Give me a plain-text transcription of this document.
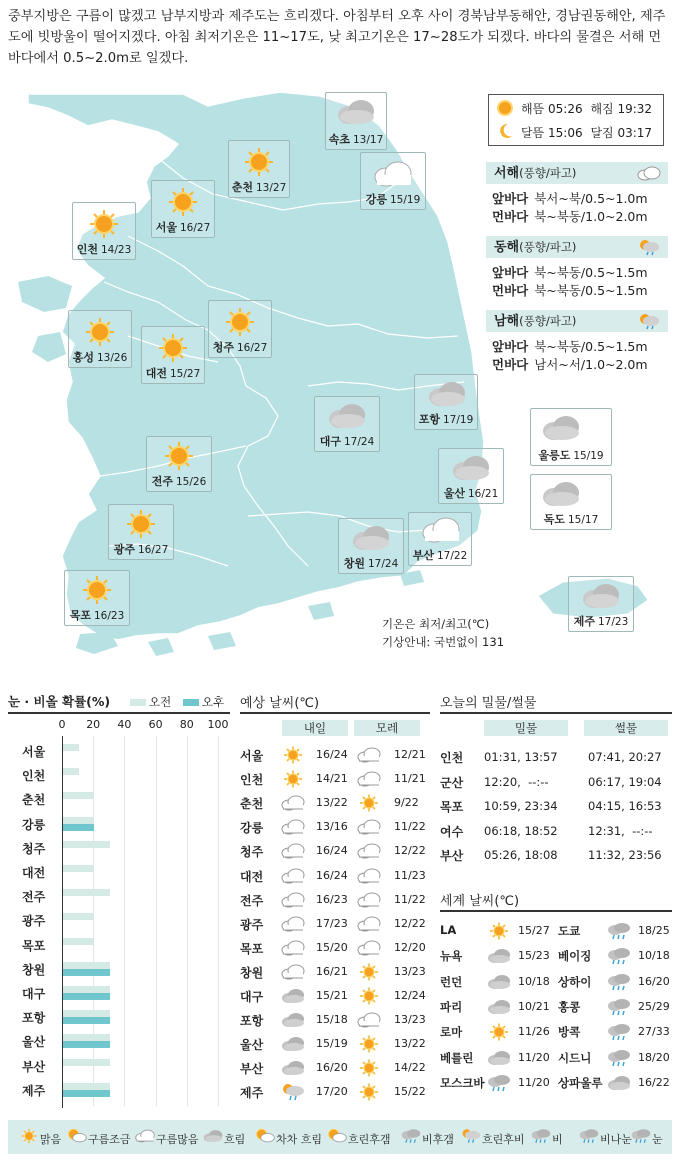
중부지방은 구름이 많겠고 남부지방과 제주도는 흐리겠다. 아침부터 오후 사이 경북남부동해안, 경남권동해안, 제주도에 빗방울이 떨어지겠다. 아침 최저기온은 11~17도, 낮 최고기온은 17~28도가 되겠다. 바다의 물결은 서해 먼바다에서 0.5~2.0m로 일겠다.
속초 13/17
춘천 13/27
강릉 15/19
서울 16/27
인천 14/23
홍성 13/26
대전 15/27
청주 16/27
포항 17/19
대구 17/24
울릉도 15/19
전주 15/26
울산 16/21
독도 15/17
광주 16/27
창원 17/24
부산 17/22
목포 16/23	제주 17/23
해뜸 05:26 해짐 19:32
달뜸 15:06 달짐 03:17
서해(풍향/파고)
앞바다 북서~북/0.5~1.0m
먼바다 북~북동/1.0~2.0m
동해(풍향/파고)
앞바다 북~북동/0.5~1.5m
먼바다 북~북동/0.5~1.5m
남해(풍향/파고)
앞바다 북~북동/0.5~1.5m
먼바다 남서~서/1.0~2.0m
기온은 최저/최고(℃)
기상안내: 국번없이 131
눈 · 비올 확률(%)	오전	오후
0	20	40	60	80	100
서울
인천
춘천
강릉
청주
대전
전주
광주
목포
창원
대구
포항
울산
부산
제주
예상 날씨(℃)
내일	모레
서울	16/24	12/21
인천	14/21	11/21
춘천	13/22	9/22
강릉	13/16	11/22
청주	16/24	12/22
대전	16/24	11/23
전주	16/23	11/22
광주	17/23	12/22
목포	15/20	12/20
창원	16/21	13/23
대구	15/21	12/24
포항	15/18	13/23
울산	15/19	13/22
부산	16/20	14/22
제주	17/20	15/22
오늘의 밀물/썰물
밀물	썰물
인천 01:31, 13:57	07:41, 20:27
군산 12:20,  --:--	06:17, 19:04
목포 10:59, 23:34	04:15, 16:53
여수 06:18, 18:52	12:31,  --:--
부산 05:26, 18:08	11:32, 23:56
세계 날씨(℃)
LA	15/27 도쿄	18/25
뉴욕	15/23 베이징	10/18
런던	10/18 상하이	16/20
파리	10/21 홍콩	25/29
로마	11/26 방콕	27/33
베를린	11/20 시드니	18/20
모스크바	11/20 상파울루	16/22
맑음 구름조금 구름많음 흐림	차차 흐림 흐린후갬	비후갬	흐린후비 비	비나눈 눈
